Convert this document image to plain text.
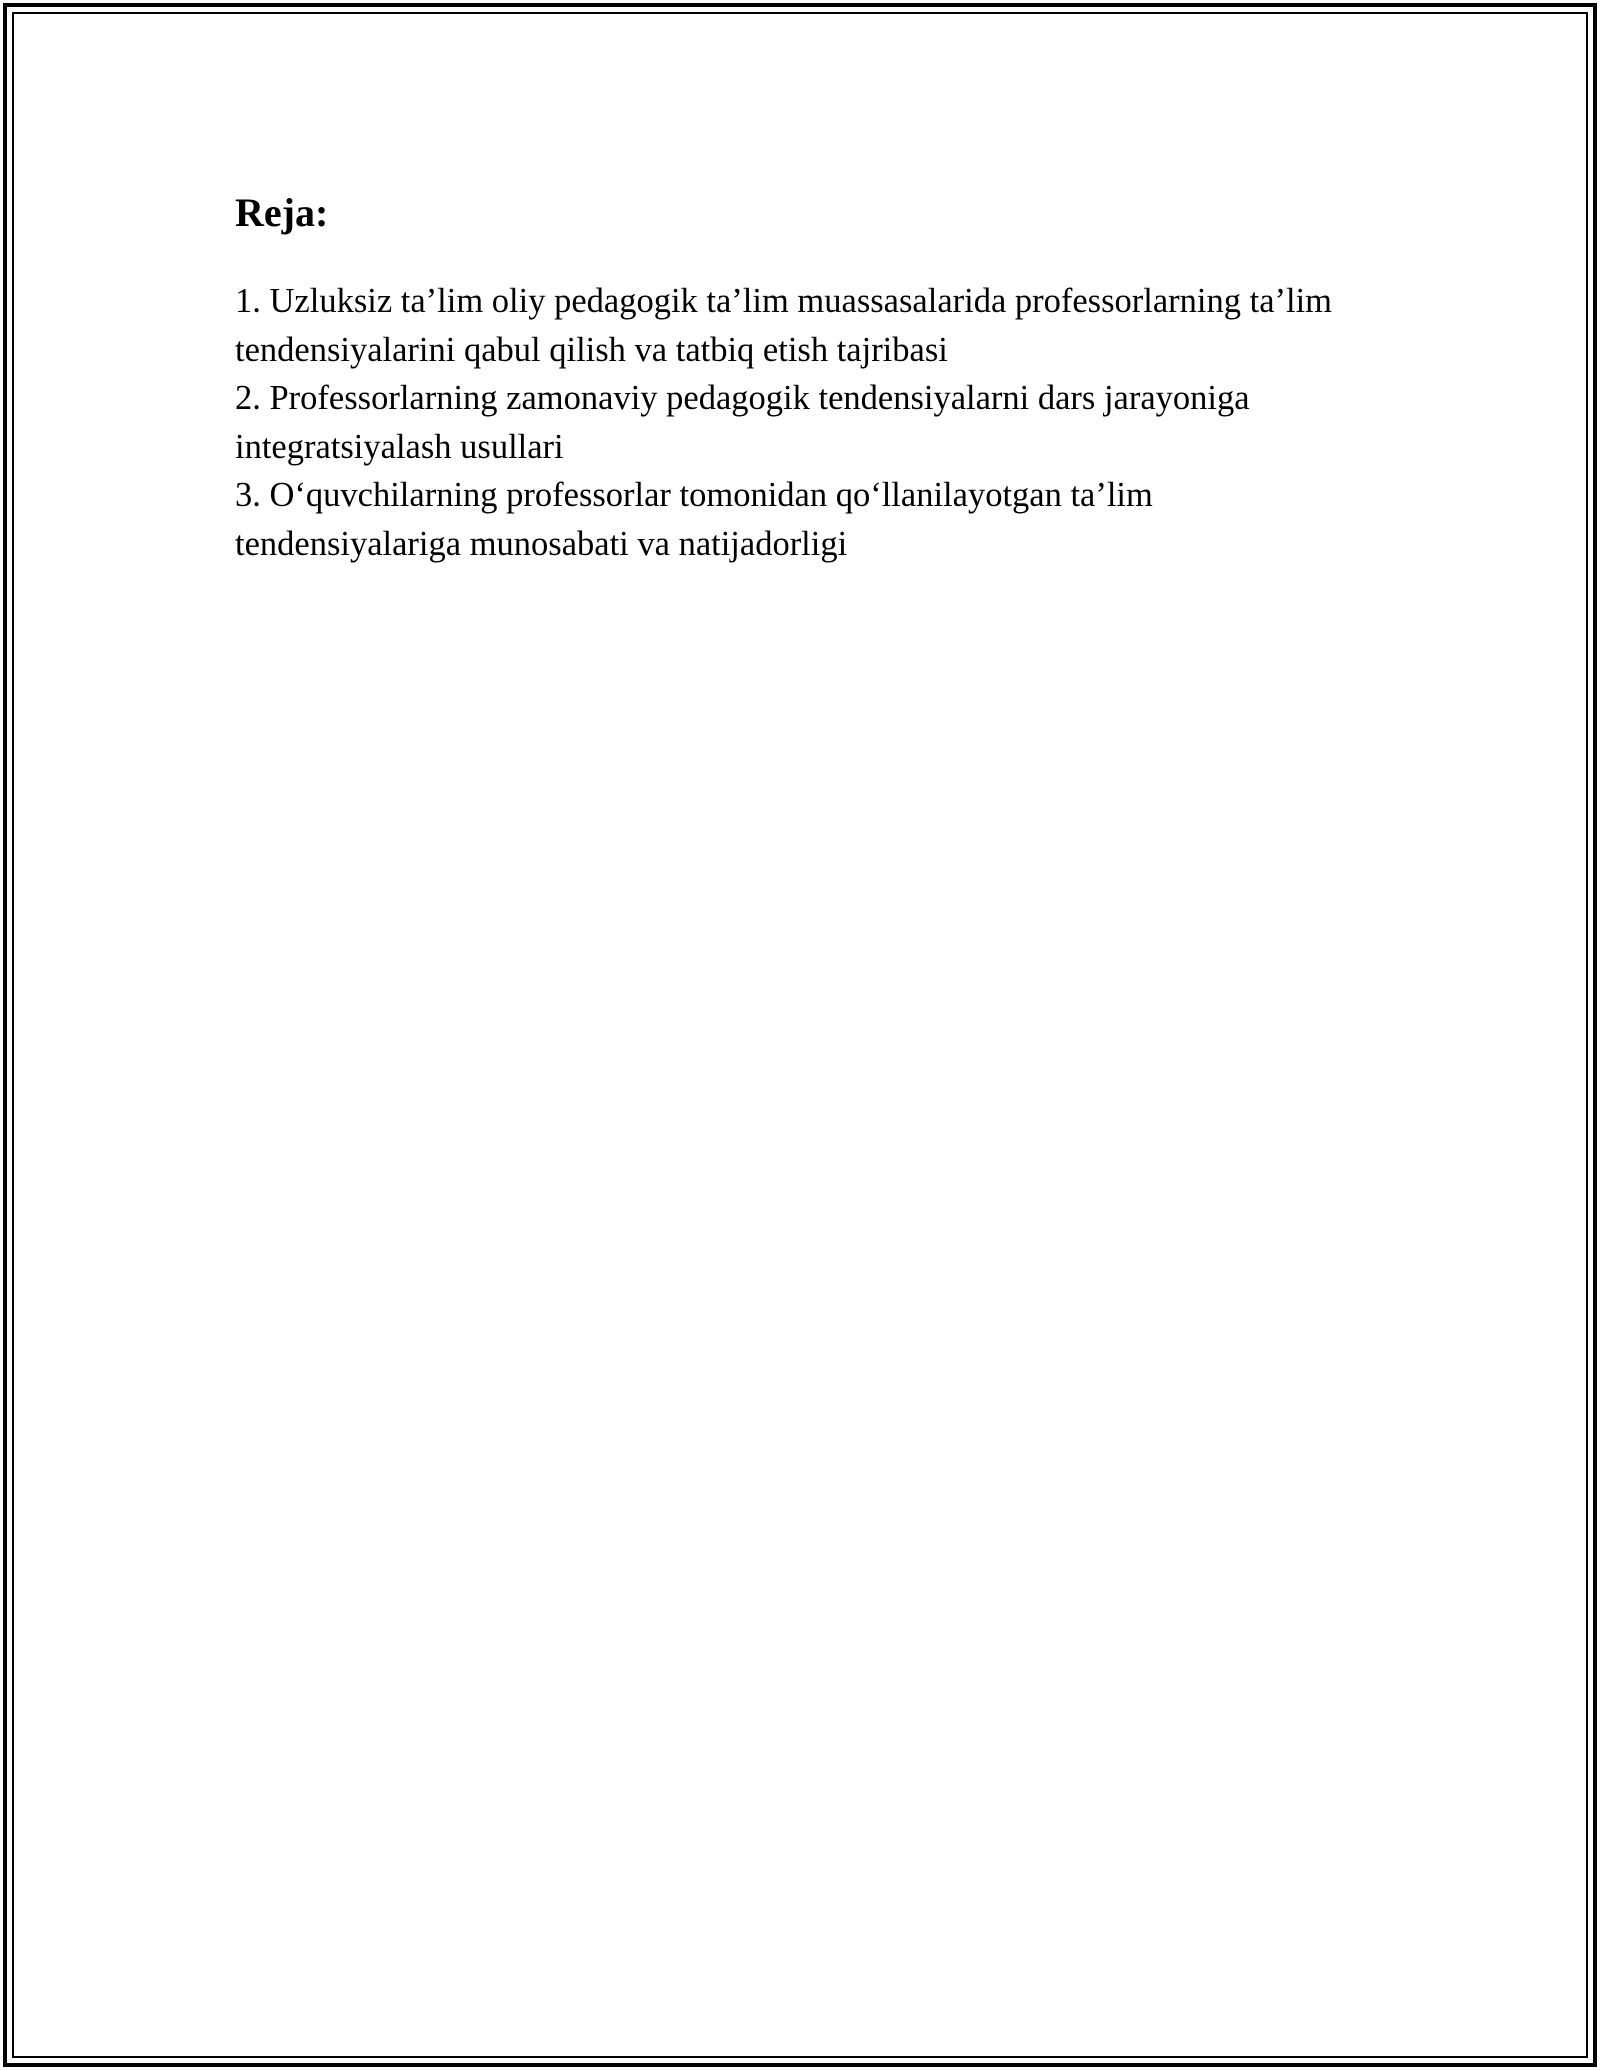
Reja:
1. Uzluksiz ta’lim oliy pedagogik ta’lim muassasalarida professorlarning ta’lim tendensiyalarini qabul qilish va tatbiq etish tajribasi
2. Professorlarning zamonaviy pedagogik tendensiyalarni dars jarayoniga integratsiyalash usullari
3. O‘quvchilarning professorlar tomonidan qo‘llanilayotgan ta’lim tendensiyalariga munosabati va natijadorligi
